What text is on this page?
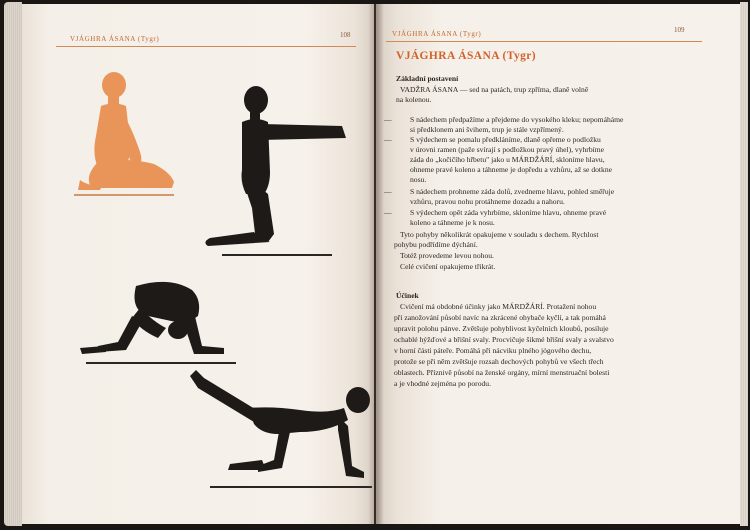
VJÁGHRA ÁSANA (Tygr)	108	VJÁGHRA ÁSANA (Tygr)	109
VJÁGHRA ÁSANA (Tygr)
Základní postavení
VADŽRA ÁSANA — sed na patách, trup zpříma, dlaně volně
na kolenou.
— S nádechem předpažíme a přejdeme do vysokého kleku; nepomáháme
si předklonem ani švihem, trup je stále vzpřímený.
— S výdechem se pomalu předkláníme, dlaně opřeme o podložku
v úrovni ramen (paže svírají s podložkou pravý úhel), vyhrbíme
záda do „kočičího hřbetu" jako u MÁRDŽÁRÍ, skloníme hlavu,
ohneme pravé koleno a táhneme je dopředu a vzhůru, až se dotkne
nosu.
— S nádechem prohneme záda dolů, zvedneme hlavu, pohled směřuje
vzhůru, pravou nohu protáhneme dozadu a nahoru.
— S výdechem opět záda vyhrbíme, skloníme hlavu, ohneme pravé
koleno a táhneme je k nosu.
Tyto pohyby několikrát opakujeme v souladu s dechem. Rychlost
pohybu podřídíme dýchání.
Totéž provedeme levou nohou.
Celé cvičení opakujeme třikrát.
Účinek
Cvičení má obdobné účinky jako MÁRDŽÁRÍ. Protažení nohou
při zanožování působí navíc na zkrácené ohybače kyčlí, a tak pomáhá
upravit polohu pánve. Zvětšuje pohyblivost kyčelních kloubů, posiluje
ochablé hýžďové a břišní svaly. Procvičuje šikmé břišní svaly a svalstvo
v horní části páteře. Pomáhá při nácviku plného jógového dechu,
protože se při něm zvětšuje rozsah dechových pohybů ve všech třech
oblastech. Příznivě působí na ženské orgány, mírní menstruační bolesti
a je vhodné zejména po porodu.
